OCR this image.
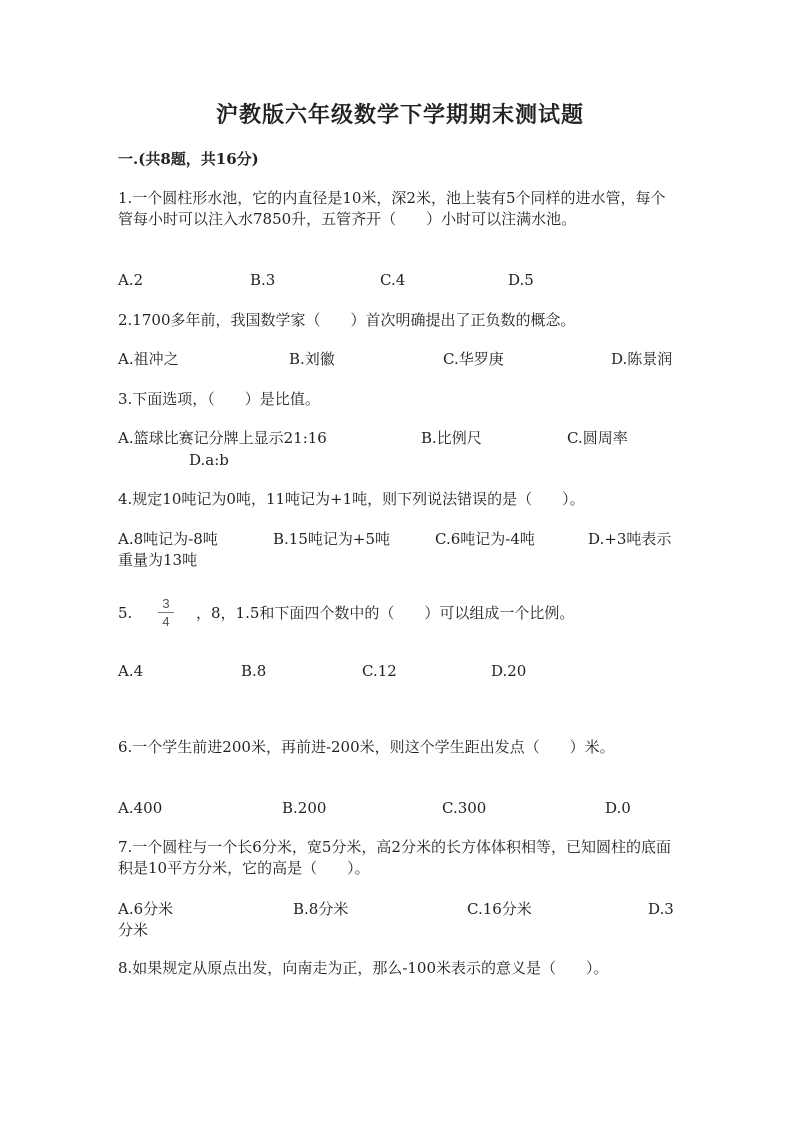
沪教版六年级数学下学期期末测试题
一.(共8题，共16分)
1.一个圆柱形水池，它的内直径是10米，深2米，池上装有5个同样的进水管，每个管每小时可以注入水7850升，五管齐开（　　）小时可以注满水池。
A.2	B.3	C.4	D.5
2.1700多年前，我国数学家（　　）首次明确提出了正负数的概念。
A.祖冲之	B.刘徽	C.华罗庚	D.陈景润
3.下面选项，（　　）是比值。
A.篮球比赛记分牌上显示21:16	B.比例尺	C.圆周率
D.a:b
4.规定10吨记为0吨，11吨记为+1吨，则下列说法错误的是（　　）。
A.8吨记为-8吨	B.15吨记为+5吨	C.6吨记为-4吨	D.+3吨表示重量为13吨
5.
3
4	，8，1.5和下面四个数中的（　　）可以组成一个比例。
A.4	B.8	C.12	D.20
6.一个学生前进200米，再前进-200米，则这个学生距出发点（　　）米。
A.400	B.200	C.300	D.0
7.一个圆柱与一个长6分米，宽5分米，高2分米的长方体体积相等，已知圆柱的底面积是10平方分米，它的高是（　　）。
A.6分米	B.8分米	C.16分米	D.3分米
8.如果规定从原点出发，向南走为正，那么-100米表示的意义是（　　）。
